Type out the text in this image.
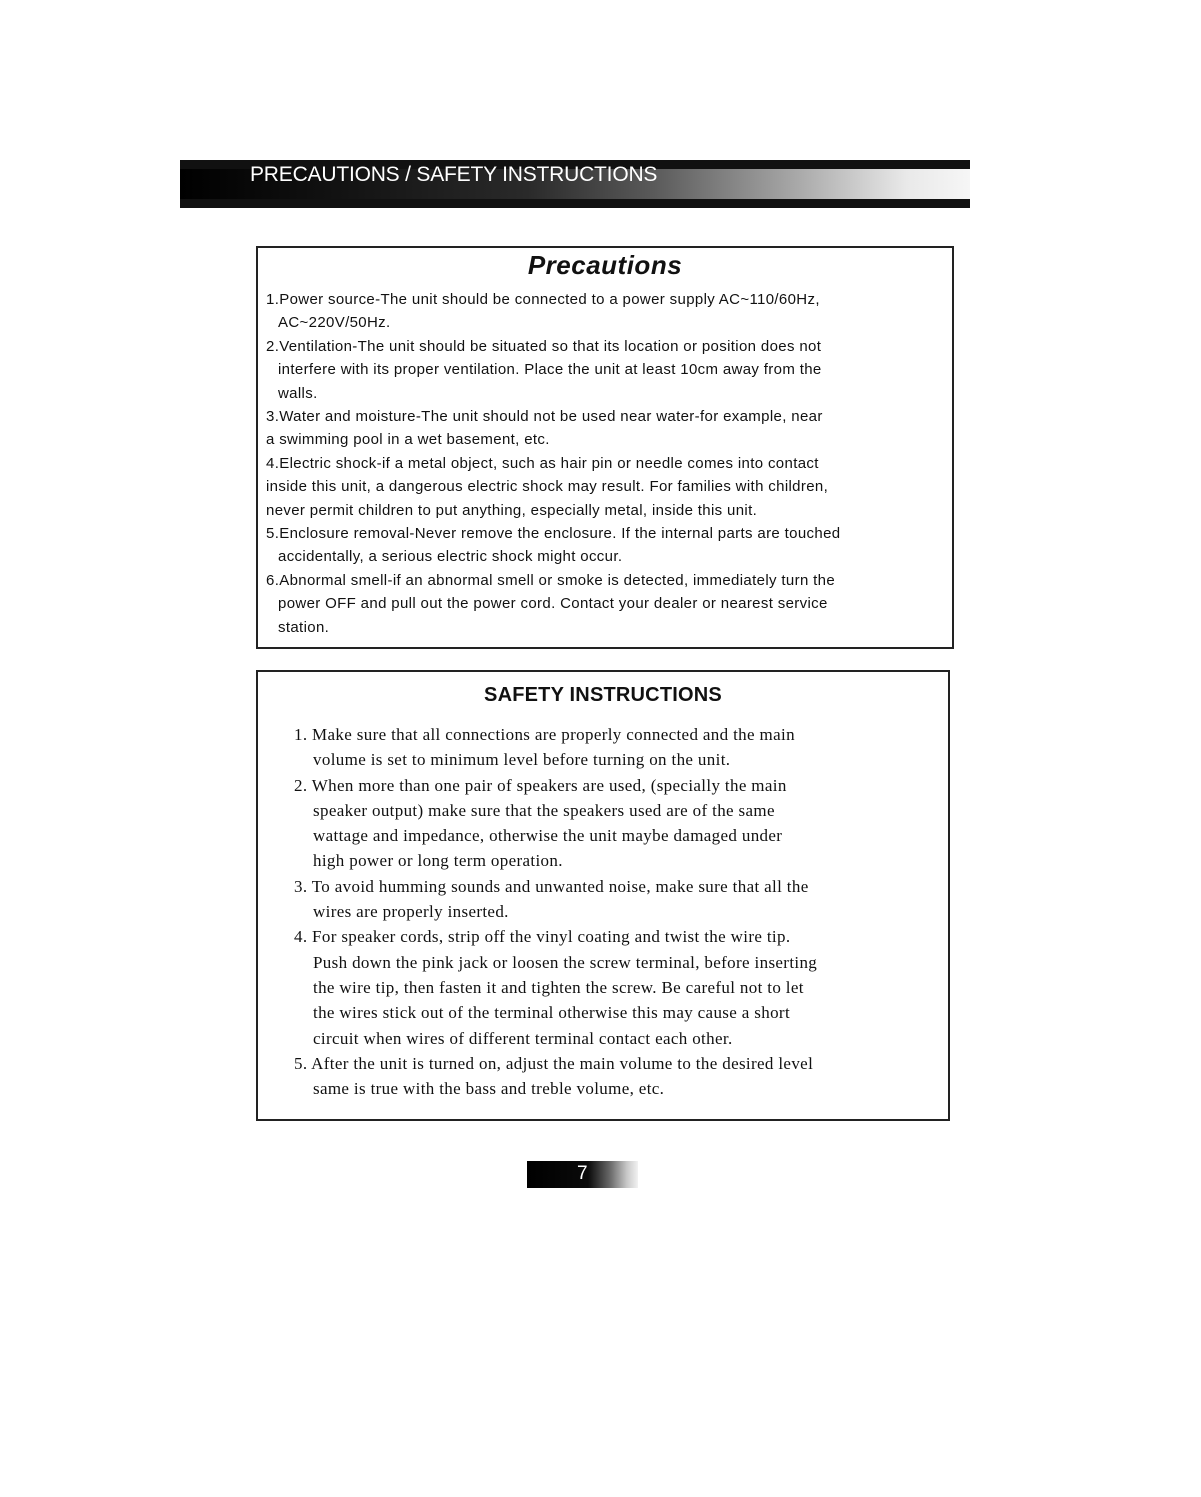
PRECAUTIONS / SAFETY INSTRUCTIONS
Precautions
1.Power source-The unit should be connected to a power supply AC~110/60Hz,
AC~220V/50Hz.
2.Ventilation-The unit should be situated so that its location or position does not
interfere with its proper ventilation. Place the unit at least 10cm away from the
walls.
3.Water and moisture-The unit should not be used near water-for example, near
a swimming pool in a wet basement, etc.
4.Electric shock-if a metal object, such as hair pin or needle comes into contact
inside this unit, a dangerous electric shock may result. For families with children,
never permit children to put anything, especially metal, inside this unit.
5.Enclosure removal-Never remove the enclosure. If the internal parts are touched
accidentally, a serious electric shock might occur.
6.Abnormal smell-if an abnormal smell or smoke is detected, immediately turn the
power OFF and pull out the power cord. Contact your dealer or nearest service
station.
SAFETY INSTRUCTIONS
1. Make sure that all connections are properly connected and the main
volume is set to minimum level before turning on the unit.
2. When more than one pair of speakers are used, (specially the main
speaker output) make sure that the speakers used are of the same
wattage and impedance, otherwise the unit maybe damaged under
high power or long term operation.
3. To avoid humming sounds and unwanted noise, make sure that all the
wires are properly inserted.
4. For speaker cords, strip off the vinyl coating and twist the wire tip.
Push down the pink jack or loosen the screw terminal, before inserting
the wire tip, then fasten it and tighten the screw. Be careful not to let
the wires stick out of the terminal otherwise this may cause a short
circuit when wires of different terminal contact each other.
5. After the unit is turned on, adjust the main volume to the desired level
same is true with the bass and treble volume, etc.
7
